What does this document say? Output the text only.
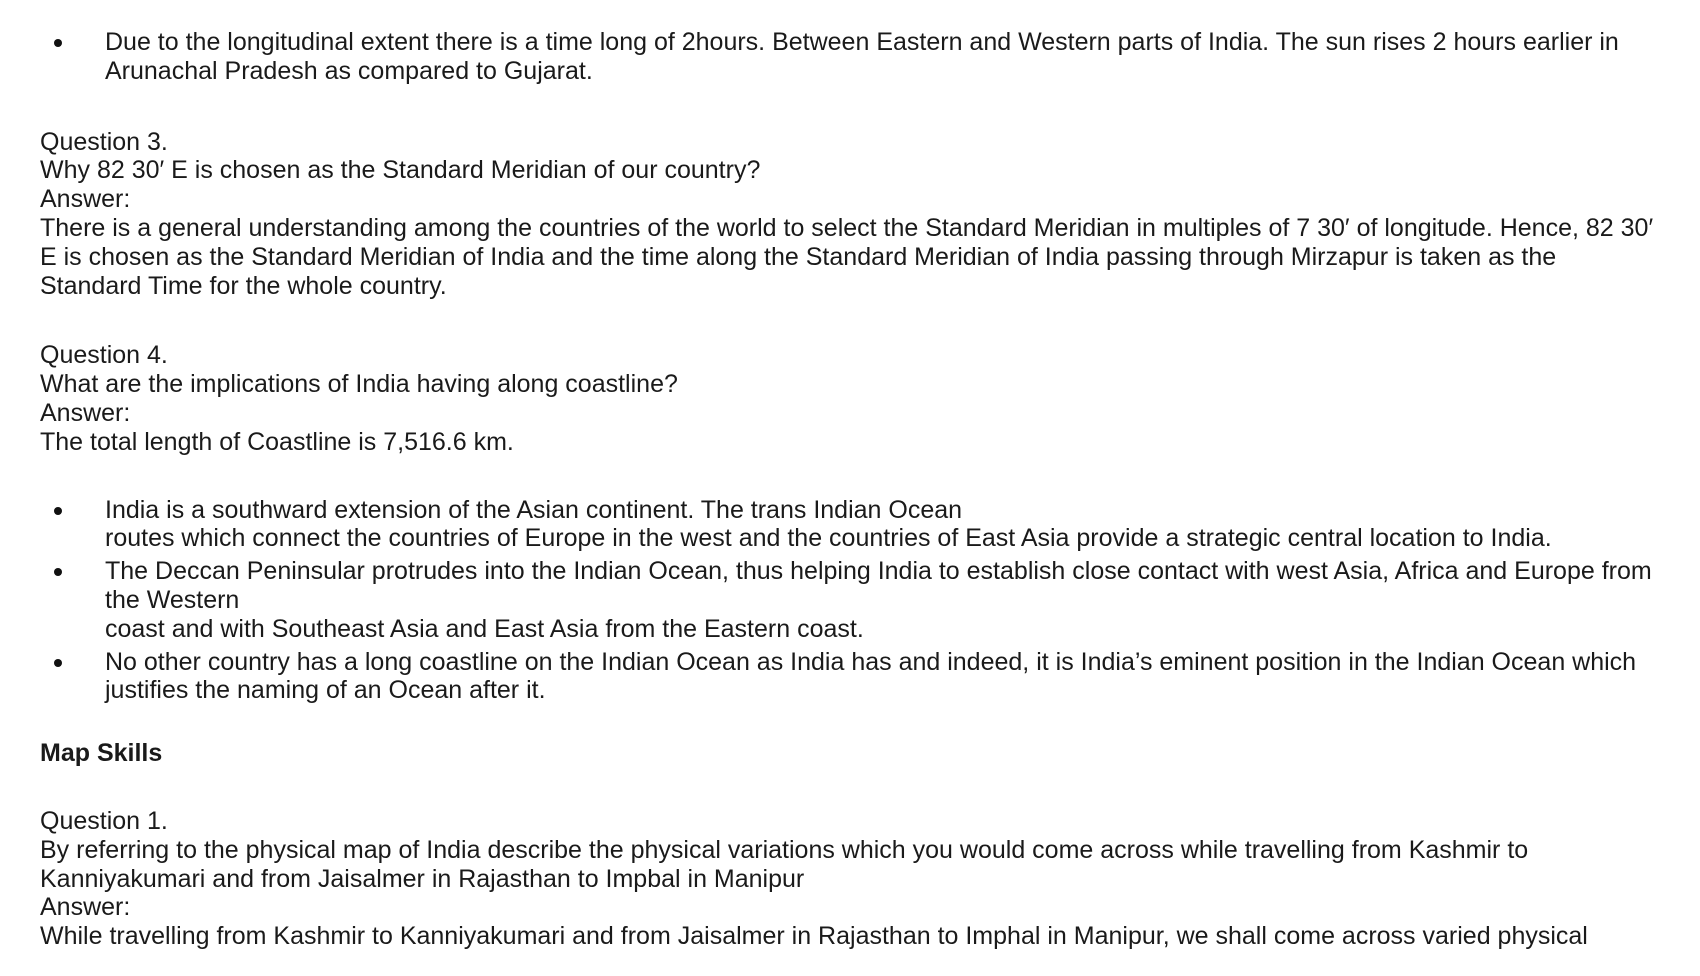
Due to the longitudinal extent there is a time long of 2hours. Between Eastern and Western parts of India. The sun rises 2 hours earlier in
Arunachal Pradesh as compared to Gujarat.
Question 3.
Why 82 30′ E is chosen as the Standard Meridian of our country?
Answer:
There is a general understanding among the countries of the world to select the Standard Meridian in multiples of 7 30′ of longitude. Hence, 82 30′
E is chosen as the Standard Meridian of India and the time along the Standard Meridian of India passing through Mirzapur is taken as the
Standard Time for the whole country.
Question 4.
What are the implications of India having along coastline?
Answer:
The total length of Coastline is 7,516.6 km.
India is a southward extension of the Asian continent. The trans Indian Ocean
routes which connect the countries of Europe in the west and the countries of East Asia provide a strategic central location to India.
The Deccan Peninsular protrudes into the Indian Ocean, thus helping India to establish close contact with west Asia, Africa and Europe from
the Western
coast and with Southeast Asia and East Asia from the Eastern coast.
No other country has a long coastline on the Indian Ocean as India has and indeed, it is India’s eminent position in the Indian Ocean which
justifies the naming of an Ocean after it.
Map Skills
Question 1.
By referring to the physical map of India describe the physical variations which you would come across while travelling from Kashmir to
Kanniyakumari and from Jaisalmer in Rajasthan to Impbal in Manipur
Answer:
While travelling from Kashmir to Kanniyakumari and from Jaisalmer in Rajasthan to Imphal in Manipur, we shall come across varied physical
